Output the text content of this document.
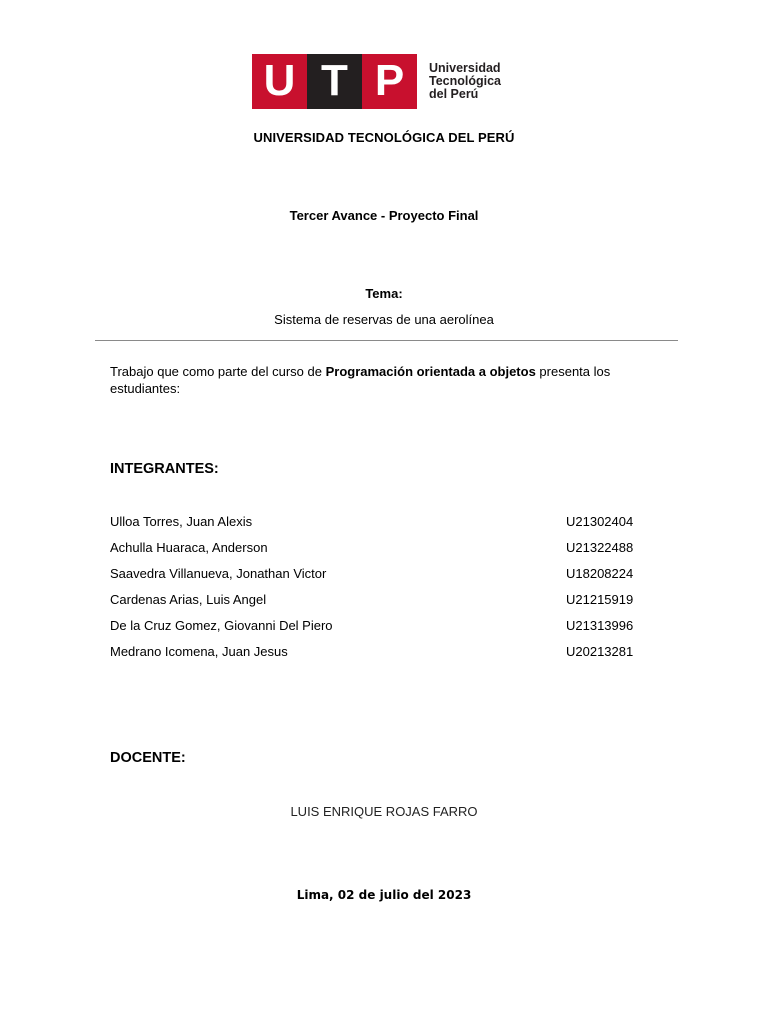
U T P	Universidad
Tecnológica
del Perú
UNIVERSIDAD TECNOLÓGICA DEL PERÚ
Tercer Avance - Proyecto Final
Tema:
Sistema de reservas de una aerolínea
Trabajo que como parte del curso de Programación orientada a objetos presenta los estudiantes:
INTEGRANTES:
Ulloa Torres, Juan Alexis	U21302404
Achulla Huaraca, Anderson	U21322488
Saavedra Villanueva, Jonathan Victor	U18208224
Cardenas Arias, Luis Angel	U21215919
De la Cruz Gomez, Giovanni Del Piero	U21313996
Medrano Icomena, Juan Jesus	U20213281
DOCENTE:
LUIS ENRIQUE ROJAS FARRO
Lima, 02 de julio del 2023
